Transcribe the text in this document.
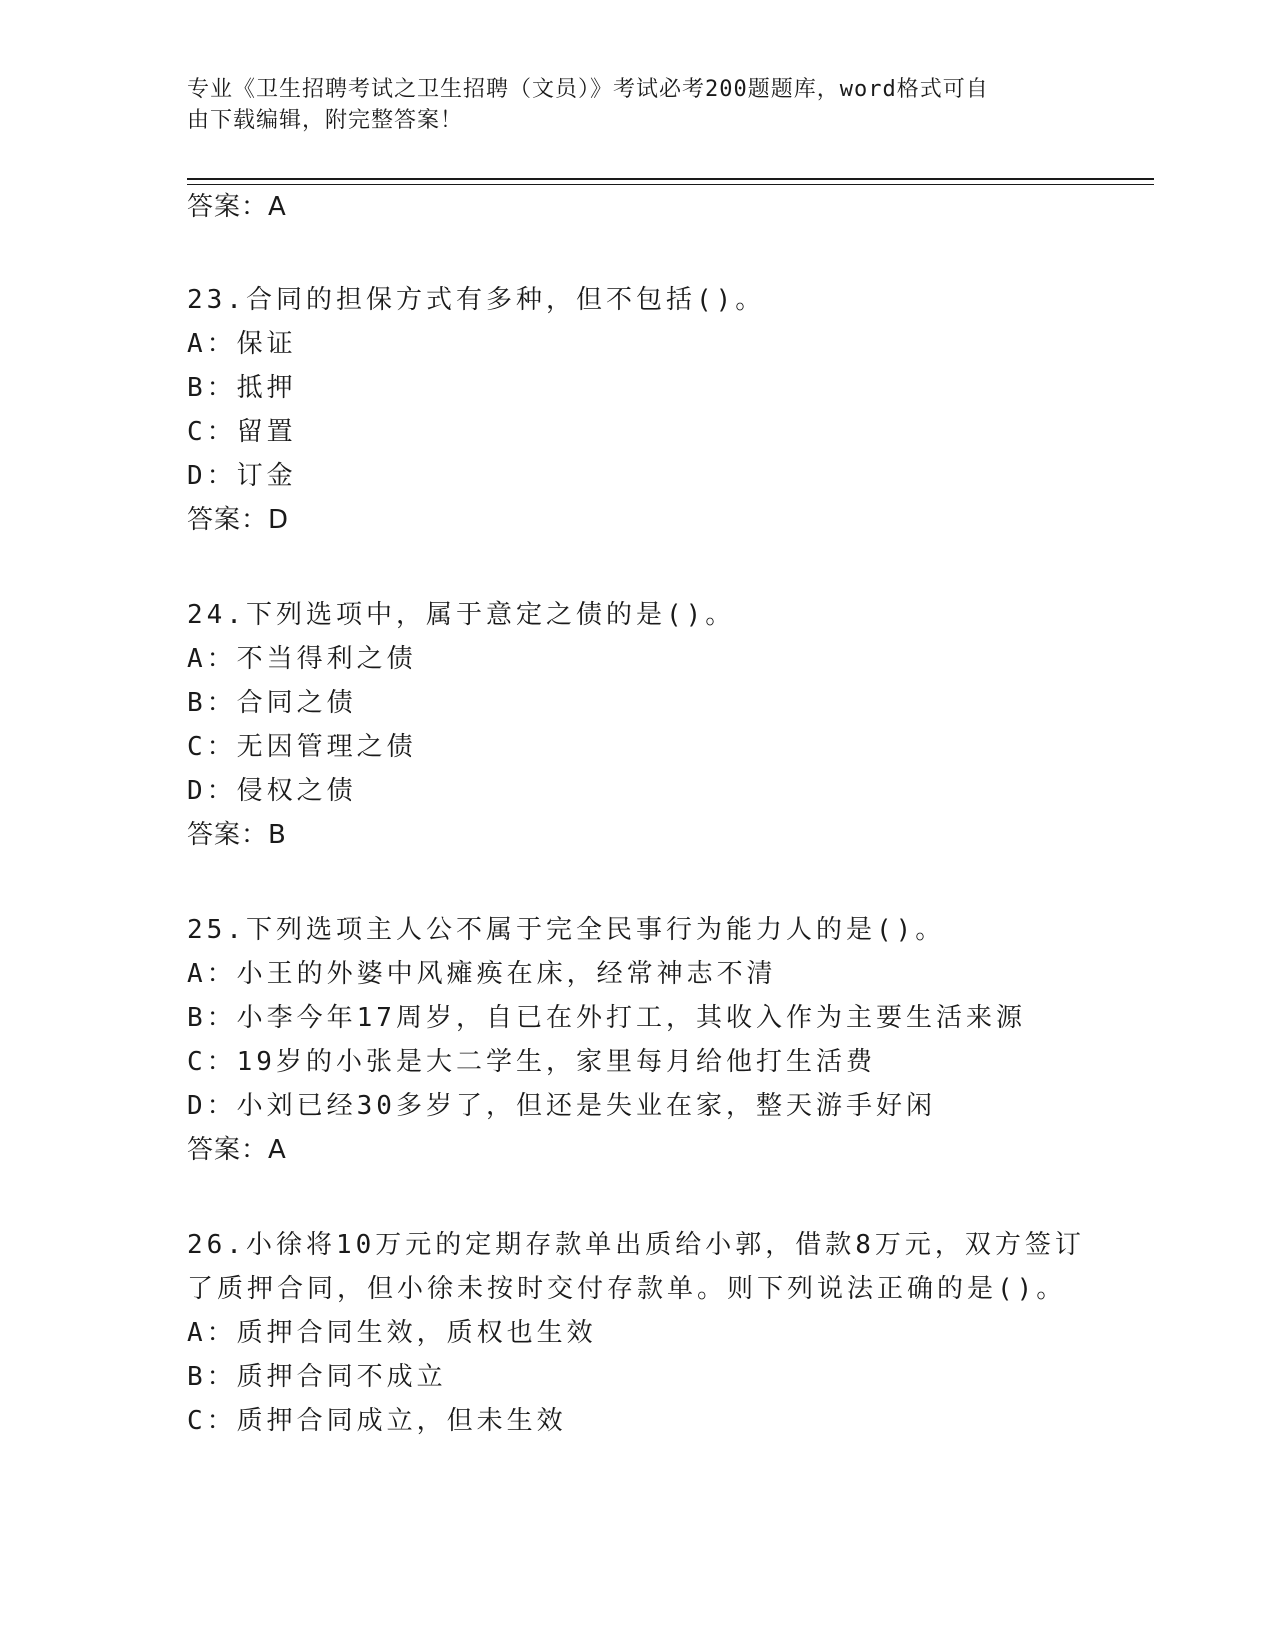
专业《卫生招聘考试之卫生招聘（文员）》考试必考200题题库，word格式可自
由下载编辑，附完整答案！
答案：A
23.合同的担保方式有多种，但不包括()。
A：保证
B：抵押
C：留置
D：订金
答案：D
24.下列选项中，属于意定之债的是()。
A：不当得利之债
B：合同之债
C：无因管理之债
D：侵权之债
答案：B
25.下列选项主人公不属于完全民事行为能力人的是()。
A：小王的外婆中风瘫痪在床，经常神志不清
B：小李今年17周岁，自已在外打工，其收入作为主要生活来源
C：19岁的小张是大二学生，家里每月给他打生活费
D：小刘已经30多岁了，但还是失业在家，整天游手好闲
答案：A
26.小徐将10万元的定期存款单出质给小郭，借款8万元，双方签订
了质押合同，但小徐未按时交付存款单。则下列说法正确的是()。
A：质押合同生效，质权也生效
B：质押合同不成立
C：质押合同成立，但未生效
